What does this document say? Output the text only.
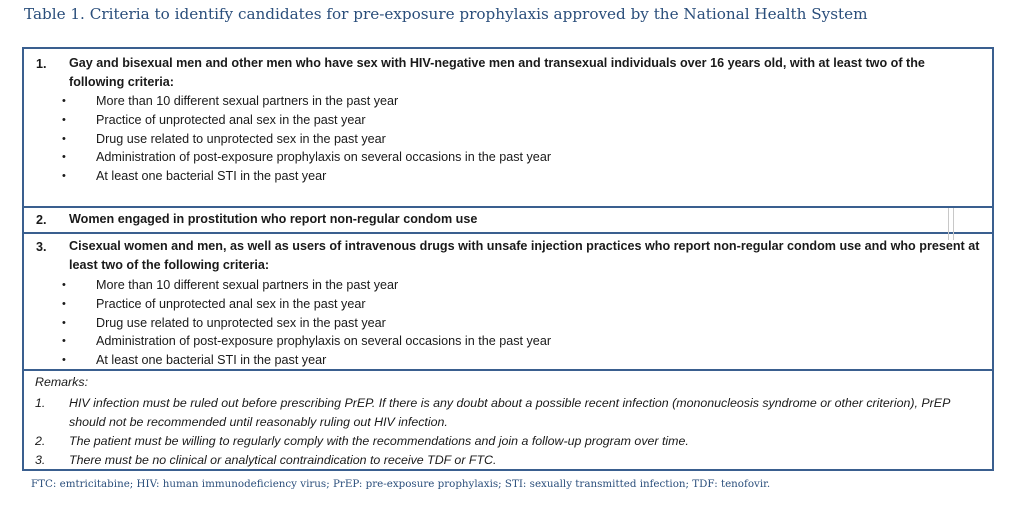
Table 1. Criteria to identify candidates for pre-exposure prophylaxis approved by the National Health System
1. Gay and bisexual men and other men who have sex with HIV-negative men and transexual individuals over 16 years old, with at least two of the following criteria:
• More than 10 different sexual partners in the past year
• Practice of unprotected anal sex in the past year
• Drug use related to unprotected sex in the past year
• Administration of post-exposure prophylaxis on several occasions in the past year
• At least one bacterial STI in the past year
2. Women engaged in prostitution who report non-regular condom use
3. Cisexual women and men, as well as users of intravenous drugs with unsafe injection practices who report non-regular condom use and who present at least two of the following criteria:
• More than 10 different sexual partners in the past year
• Practice of unprotected anal sex in the past year
• Drug use related to unprotected sex in the past year
• Administration of post-exposure prophylaxis on several occasions in the past year
• At least one bacterial STI in the past year
Remarks:
1. HIV infection must be ruled out before prescribing PrEP. If there is any doubt about a possible recent infection (mononucleosis syndrome or other criterion), PrEP should not be recommended until reasonably ruling out HIV infection.
2. The patient must be willing to regularly comply with the recommendations and join a follow-up program over time.
3. There must be no clinical or analytical contraindication to receive TDF or FTC.
FTC: emtricitabine; HIV: human immunodeficiency virus; PrEP: pre-exposure prophylaxis; STI: sexually transmitted infection; TDF: tenofovir.
